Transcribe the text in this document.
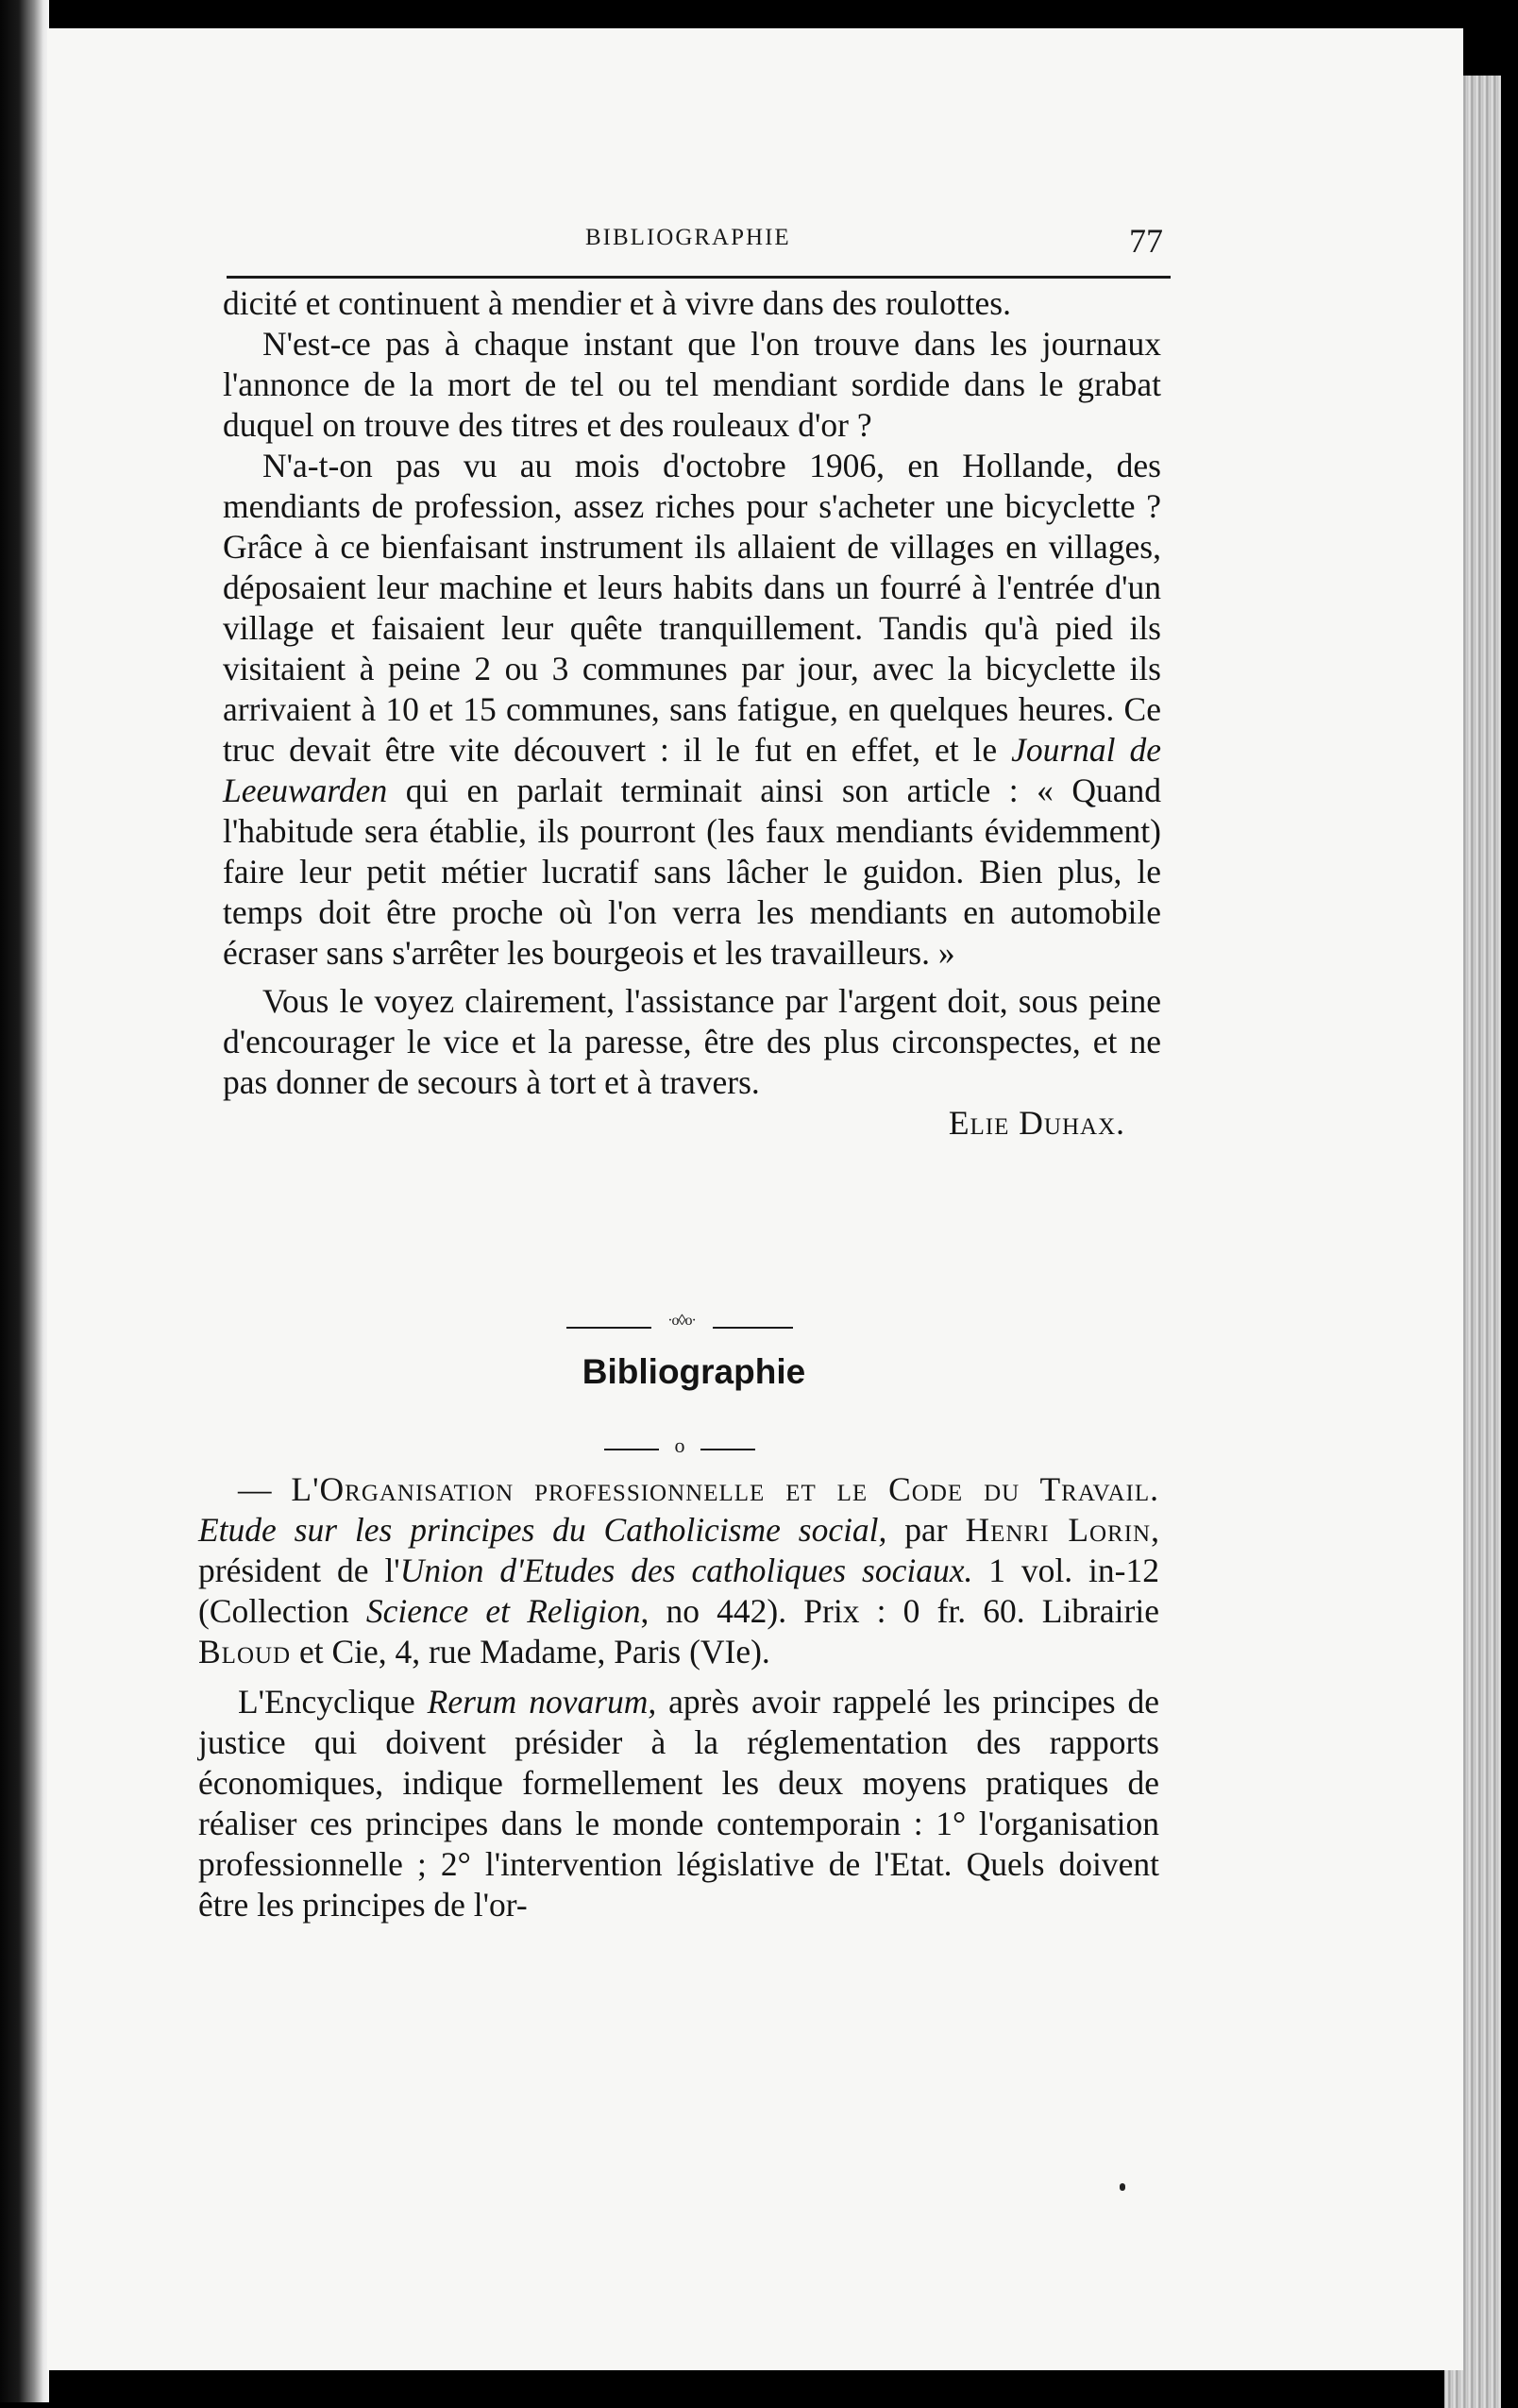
BIBLIOGRAPHIE	77

dicité et continuent à mendier et à vivre dans des roulottes.

N'est-ce pas à chaque instant que l'on trouve dans les journaux l'annonce de la mort de tel ou tel mendiant sordide dans le grabat duquel on trouve des titres et des rouleaux d'or ?

N'a-t-on pas vu au mois d'octobre 1906, en Hollande, des mendiants de profession, assez riches pour s'acheter une bicyclette ? Grâce à ce bienfaisant instrument ils allaient de villages en villages, déposaient leur machine et leurs habits dans un fourré à l'entrée d'un village et faisaient leur quête tranquillement. Tandis qu'à pied ils visitaient à peine 2 ou 3 communes par jour, avec la bicyclette ils arrivaient à 10 et 15 communes, sans fatigue, en quelques heures. Ce truc devait être vite découvert : il le fut en effet, et le Journal de Leeuwarden qui en parlait terminait ainsi son article : « Quand l'habitude sera établie, ils pourront (les faux mendiants évidemment) faire leur petit métier lucratif sans lâcher le guidon. Bien plus, le temps doit être proche où l'on verra les mendiants en automobile écraser sans s'arrêter les bourgeois et les travailleurs. »

Vous le voyez clairement, l'assistance par l'argent doit, sous peine d'encourager le vice et la paresse, être des plus circonspectes, et ne pas donner de secours à tort et à travers.

Elie Duhax.

·o◊o·
Bibliographie
o

— L'Organisation professionnelle et le Code du Travail. Etude sur les principes du Catholicisme social, par Henri Lorin, président de l'Union d'Etudes des catholiques sociaux. 1 vol. in-12 (Collection Science et Religion, no 442). Prix : 0 fr. 60. Librairie Bloud et Cie, 4, rue Madame, Paris (VIe).

L'Encyclique Rerum novarum, après avoir rappelé les principes de justice qui doivent présider à la réglementation des rapports économiques, indique formellement les deux moyens pratiques de réaliser ces principes dans le monde contemporain : 1° l'organisation professionnelle ; 2° l'intervention législative de l'Etat. Quels doivent être les principes de l'or-
